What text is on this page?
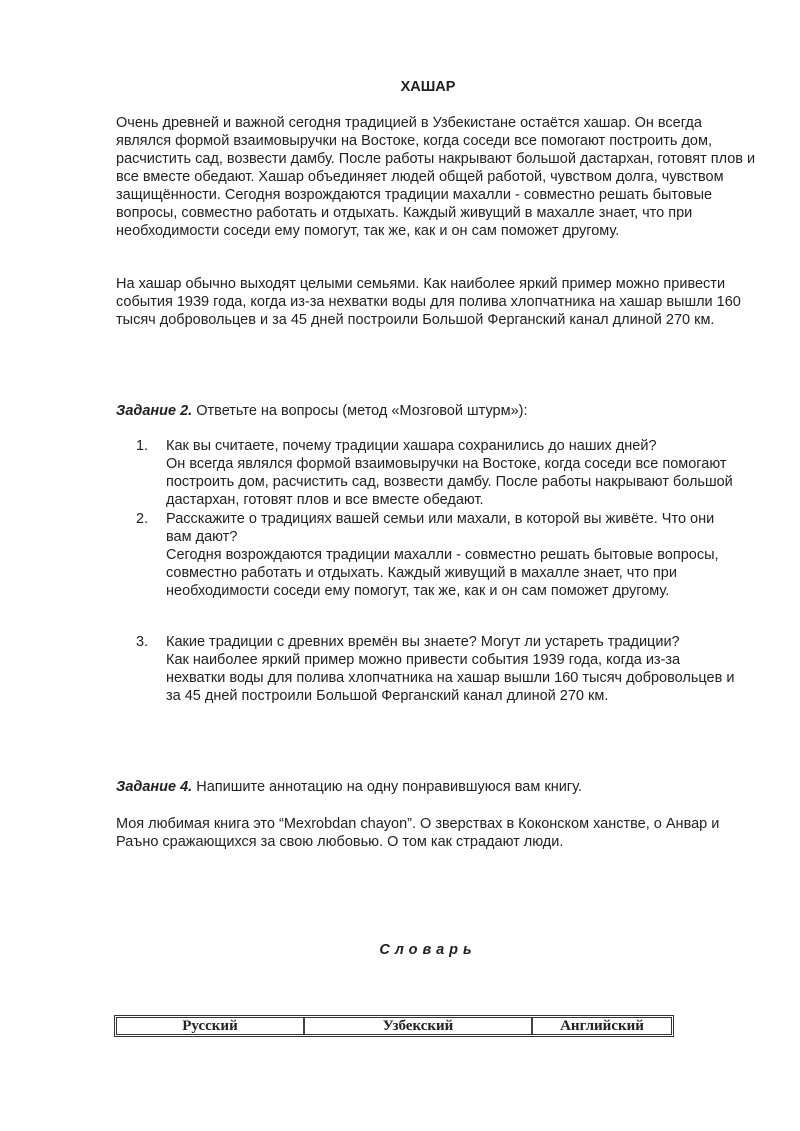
ХАШАР

Очень древней и важной сегодня традицией в Узбекистане остаётся хашар. Он всегда являлся формой взаимовыручки на Востоке, когда соседи все помогают построить дом, расчистить сад, возвести дамбу. После работы накрывают большой дастархан, готовят плов и все вместе обедают. Хашар объединяет людей общей работой, чувством долга, чувством защищённости. Сегодня возрождаются традиции махалли - совместно решать бытовые вопросы, совместно работать и отдыхать. Каждый живущий в махалле знает, что при необходимости соседи ему помогут, так же, как и он сам поможет другому.

На хашар обычно выходят целыми семьями. Как наиболее яркий пример можно привести события 1939 года, когда из-за нехватки воды для полива хлопчатника на хашар вышли 160 тысяч добровольцев и за 45 дней построили Большой Ферганский канал длиной 270 км.

Задание 2. Ответьте на вопросы (метод «Мозговой штурм»):
1. Как вы считаете, почему традиции хашара сохранились до наших дней?
Он всегда являлся формой взаимовыручки на Востоке, когда соседи все помогают построить дом, расчистить сад, возвести дамбу. После работы накрывают большой дастархан, готовят плов и все вместе обедают.
2. Расскажите о традициях вашей семьи или махали, в которой вы живёте. Что они вам дают?
Сегодня возрождаются традиции махалли - совместно решать бытовые вопросы, совместно работать и отдыхать. Каждый живущий в махалле знает, что при необходимости соседи ему помогут, так же, как и он сам поможет другому.
3. Какие традиции с древних времён вы знаете? Могут ли устареть традиции?
Как наиболее яркий пример можно привести события 1939 года, когда из-за нехватки воды для полива хлопчатника на хашар вышли 160 тысяч добровольцев и за 45 дней построили Большой Ферганский канал длиной 270 км.
Задание 4. Напишите аннотацию на одну понравившуюся вам книгу.

Моя любимая книга это “Mexrobdan chayon”. О зверствах в Коконском ханстве, о Анвар и Раъно сражающихся за свою любовью. О том как страдают люди.

Словарь
Русский	Узбекский	Английский
